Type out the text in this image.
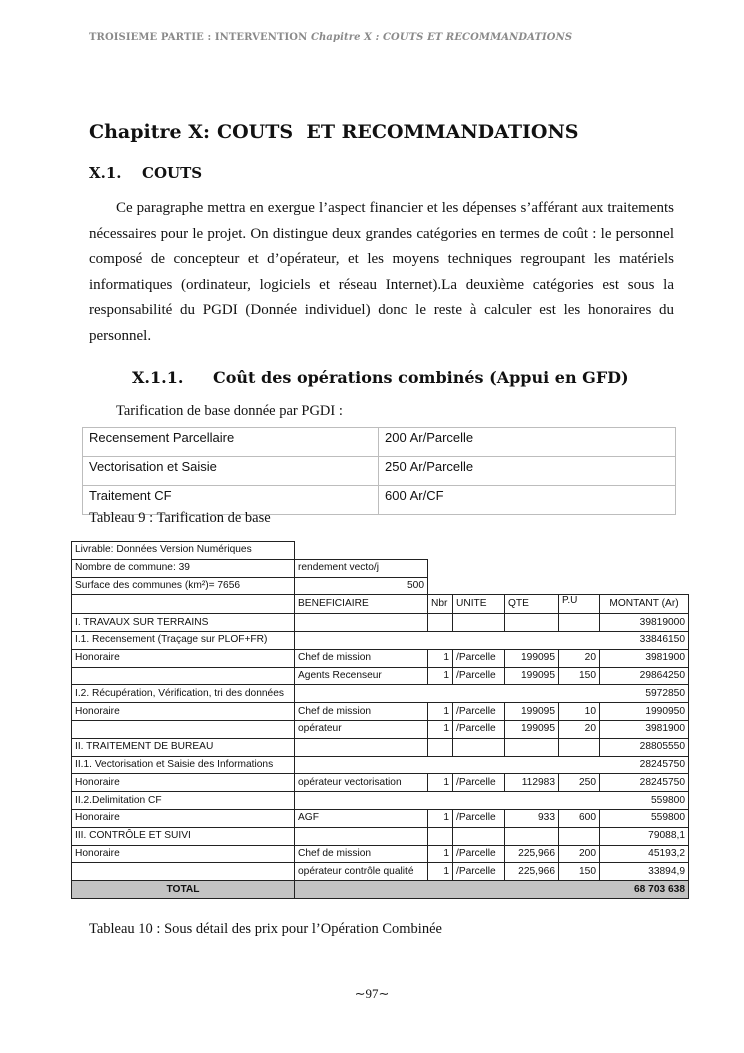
TROISIEME PARTIE : INTERVENTION Chapitre X : COUTS ET RECOMMANDATIONS
Chapitre X: COUTS  ET RECOMMANDATIONS
X.1. COUTS

Ce paragraphe mettra en exergue l’aspect financier et les dépenses s’afférant aux traitements nécessaires pour le projet. On distingue deux grandes catégories en termes de coût : le personnel composé de concepteur et d’opérateur, et les moyens techniques regroupant les matériels informatiques (ordinateur, logiciels et réseau Internet).La deuxième catégories est sous la responsabilité du PGDI (Donnée individuel) donc le reste à calculer est les honoraires du personnel.

X.1.1. Coût des opérations combinés (Appui en GFD)
Tarification de base donnée par PGDI :
Recensement Parcellaire	200 Ar/Parcelle
Vectorisation et Saisie	250 Ar/Parcelle
Traitement CF	600 Ar/CF
Tableau 9 : Tarification de base
Livrable: Données Version Numériques						
Nombre de commune: 39	rendement vecto/j					
Surface des communes (km²)= 7656	500					
	BENEFICIAIRE	Nbr	UNITE	QTE	P.U	MONTANT (Ar)
I. TRAVAUX SUR TERRAINS						39819000
I.1. Recensement (Traçage sur PLOF+FR)	33846150					
Honoraire	Chef de mission	1	/Parcelle	199095	20	3981900
	Agents Recenseur	1	/Parcelle	199095	150	29864250
I.2. Récupération, Vérification, tri des données	5972850					
Honoraire	Chef de mission	1	/Parcelle	199095	10	1990950
	opérateur	1	/Parcelle	199095	20	3981900
II. TRAITEMENT DE BUREAU						28805550
II.1. Vectorisation et Saisie des Informations	28245750					
Honoraire	opérateur vectorisation	1	/Parcelle	112983	250	28245750
II.2.Delimitation CF	559800					
Honoraire	AGF	1	/Parcelle	933	600	559800
III. CONTRÔLE ET SUIVI						79088,1
Honoraire	Chef de mission	1	/Parcelle	225,966	200	45193,2
	opérateur contrôle qualité	1	/Parcelle	225,966	150	33894,9
TOTAL	68 703 638					
Tableau 10 : Sous détail des prix pour l’Opération Combinée
∼97∼
